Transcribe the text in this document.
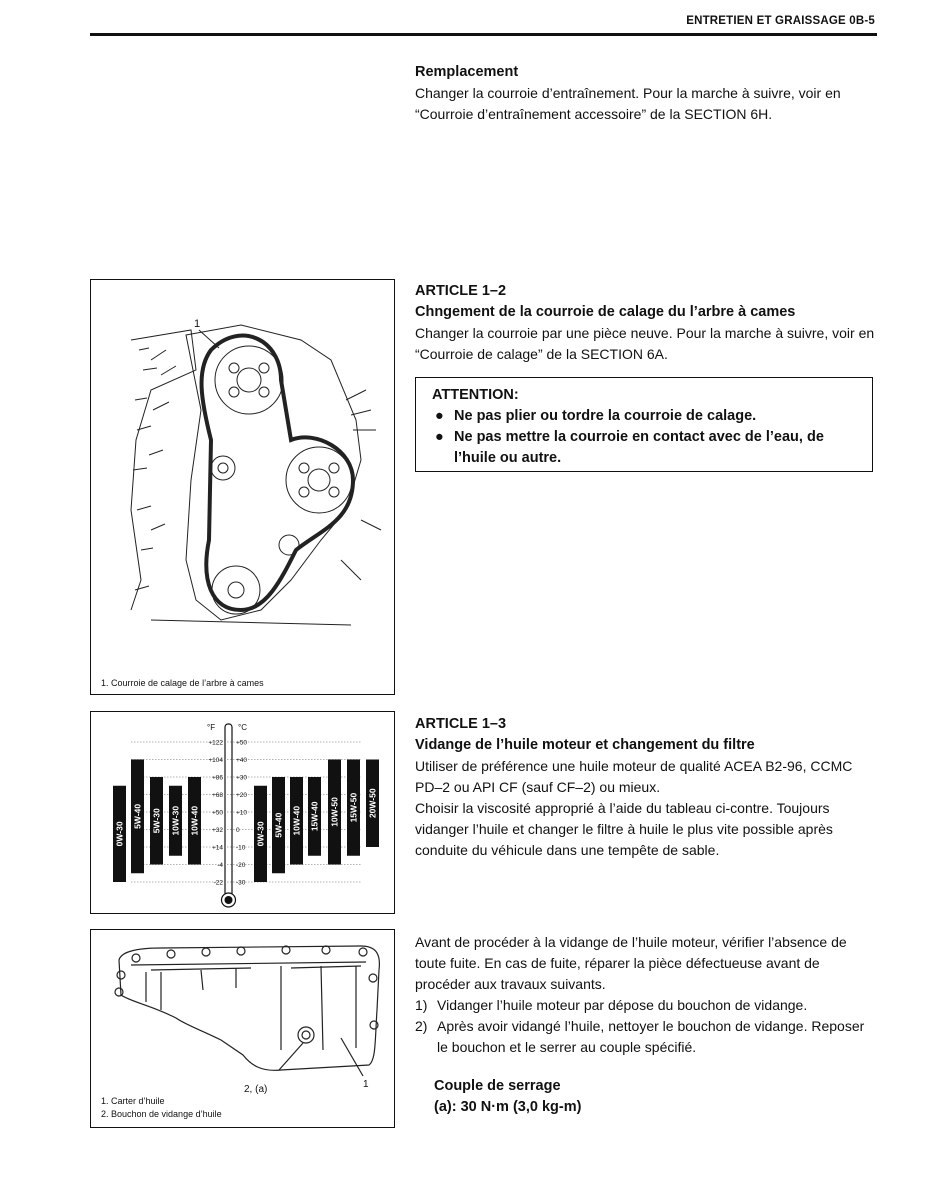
ENTRETIEN ET GRAISSAGE 0B-5

Remplacement

Changer la courroie d’entraînement. Pour la marche à suivre, voir en “Courroie d’entraînement accessoire” de la SECTION 6H.

1
1. Courroie de calage de l’arbre à cames

ARTICLE 1–2

Chngement de la courroie de calage du l’arbre à cames

Changer la courroie par une pièce neuve. Pour la marche à suivre, voir en “Courroie de calage” de la SECTION 6A.

ATTENTION:
● Ne pas plier ou tordre la courroie de calage.
● Ne pas mettre la courroie en contact avec de l’eau, de l’huile ou autre.
°F	°C
+122 +50
+104 +40
+86 +30
+68 +20
+50 +10
+32 0
+14 -10
-4 -20
-22 -30
0W-30
5W-40 5W-30 10W-30 10W-40	0W-30 5W-40 10W-40 15W-40 10W-50 15W-50 20W-50

ARTICLE 1–3

Vidange de l’huile moteur et changement du filtre

Utiliser de préférence une huile moteur de qualité ACEA B2-96, CCMC PD–2 ou API CF (sauf CF–2) ou mieux.

Choisir la viscosité approprié à l’aide du tableau ci-contre. Toujours vidanger l’huile et changer le filtre à huile le plus vite possible après conduite du véhicule dans une tempête de sable.

1
2, (a)
1. Carter d’huile
2. Bouchon de vidange d’huile

Avant de procéder à la vidange de l’huile moteur, vérifier l’absence de toute fuite. En cas de fuite, réparer la pièce défectueuse avant de procéder aux travaux suivants.

1) Vidanger l’huile moteur par dépose du bouchon de vidange.
2) Après avoir vidangé l’huile, nettoyer le bouchon de vidange. Reposer le bouchon et le serrer au couple spécifié.
Couple de serrage
(a): 30 N·m (3,0 kg-m)
